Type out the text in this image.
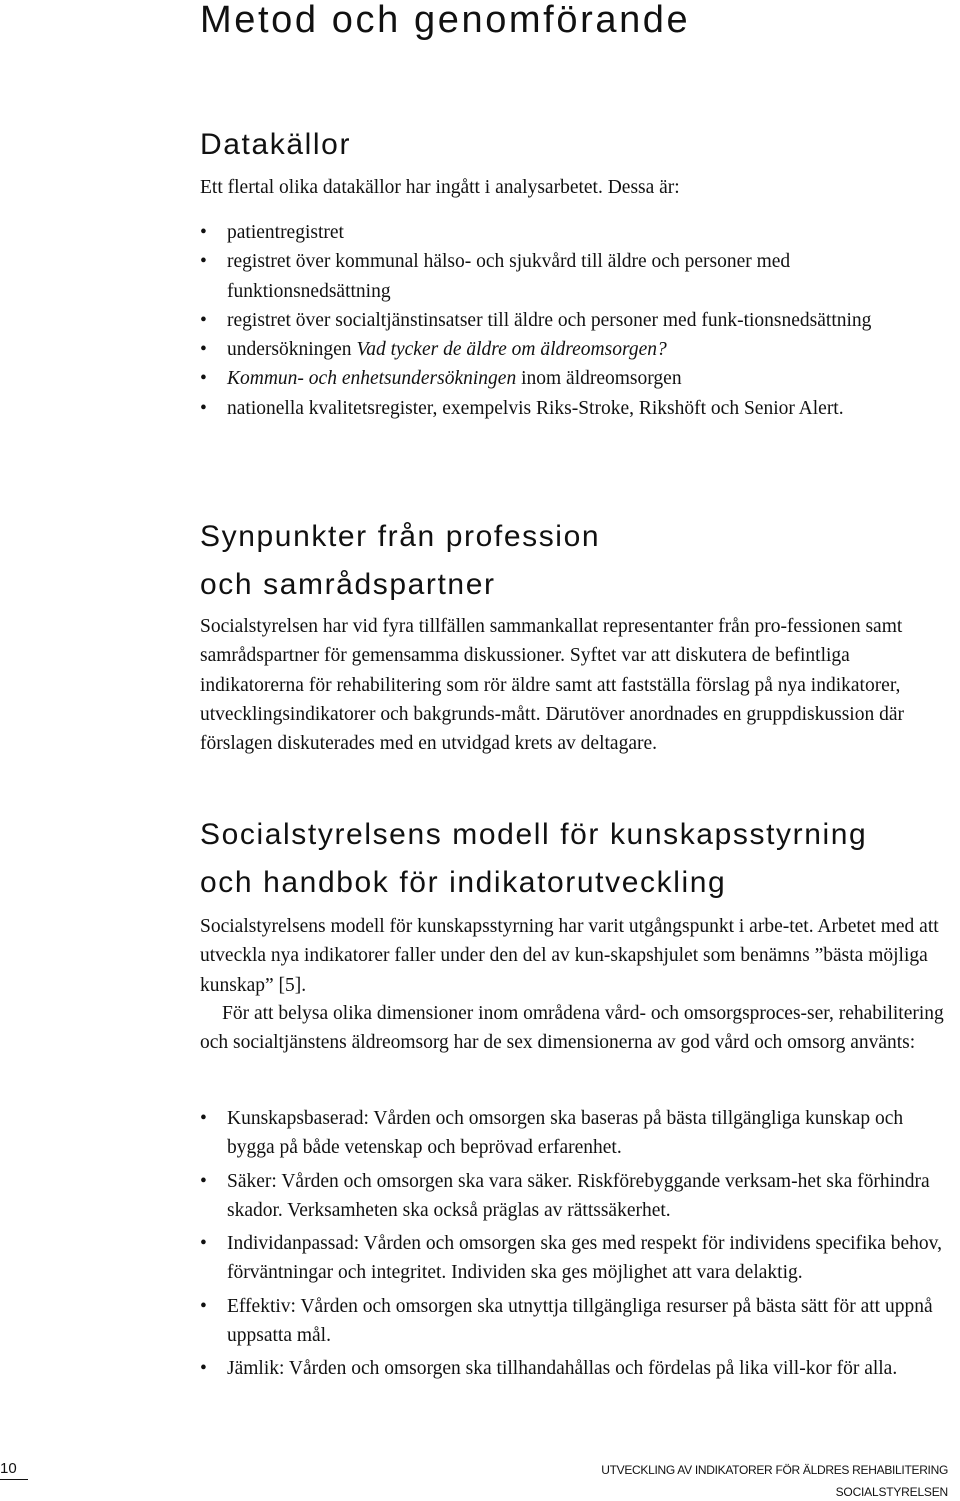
Metod och genomförande
Datakällor

Ett flertal olika datakällor har ingått i analysarbetet. Dessa är:

• patientregistret
• registret över kommunal hälso- och sjukvård till äldre och personer med funktionsnedsättning
• registret över socialtjänstinsatser till äldre och personer med funk-tionsnedsättning
• undersökningen Vad tycker de äldre om äldreomsorgen?
• Kommun- och enhetsundersökningen inom äldreomsorgen
• nationella kvalitetsregister, exempelvis Riks-Stroke, Rikshöft och Senior Alert.
Synpunkter från profession
och samrådspartner

Socialstyrelsen har vid fyra tillfällen sammankallat representanter från pro-fessionen samt samrådspartner för gemensamma diskussioner. Syftet var att diskutera de befintliga indikatorerna för rehabilitering som rör äldre samt att fastställa förslag på nya indikatorer, utvecklingsindikatorer och bakgrunds-mått. Därutöver anordnades en gruppdiskussion där förslagen diskuterades med en utvidgad krets av deltagare.

Socialstyrelsens modell för kunskapsstyrning
och handbok för indikatorutveckling

Socialstyrelsens modell för kunskapsstyrning har varit utgångspunkt i arbe-tet. Arbetet med att utveckla nya indikatorer faller under den del av kun-skapshjulet som benämns ”bästa möjliga kunskap” [5].

För att belysa olika dimensioner inom områdena vård- och omsorgsproces-ser, rehabilitering och socialtjänstens äldreomsorg har de sex dimensionerna av god vård och omsorg använts:

• Kunskapsbaserad: Vården och omsorgen ska baseras på bästa tillgängliga kunskap och bygga på både vetenskap och beprövad erfarenhet.
• Säker: Vården och omsorgen ska vara säker. Riskförebyggande verksam-het ska förhindra skador. Verksamheten ska också präglas av rättssäkerhet.
• Individanpassad: Vården och omsorgen ska ges med respekt för individens specifika behov, förväntningar och integritet. Individen ska ges möjlighet att vara delaktig.
• Effektiv: Vården och omsorgen ska utnyttja tillgängliga resurser på bästa sätt för att uppnå uppsatta mål.
• Jämlik: Vården och omsorgen ska tillhandahållas och fördelas på lika vill-kor för alla.
10	UTVECKLING AV INDIKATORER FÖR ÄLDRES REHABILITERING
SOCIALSTYRELSEN
